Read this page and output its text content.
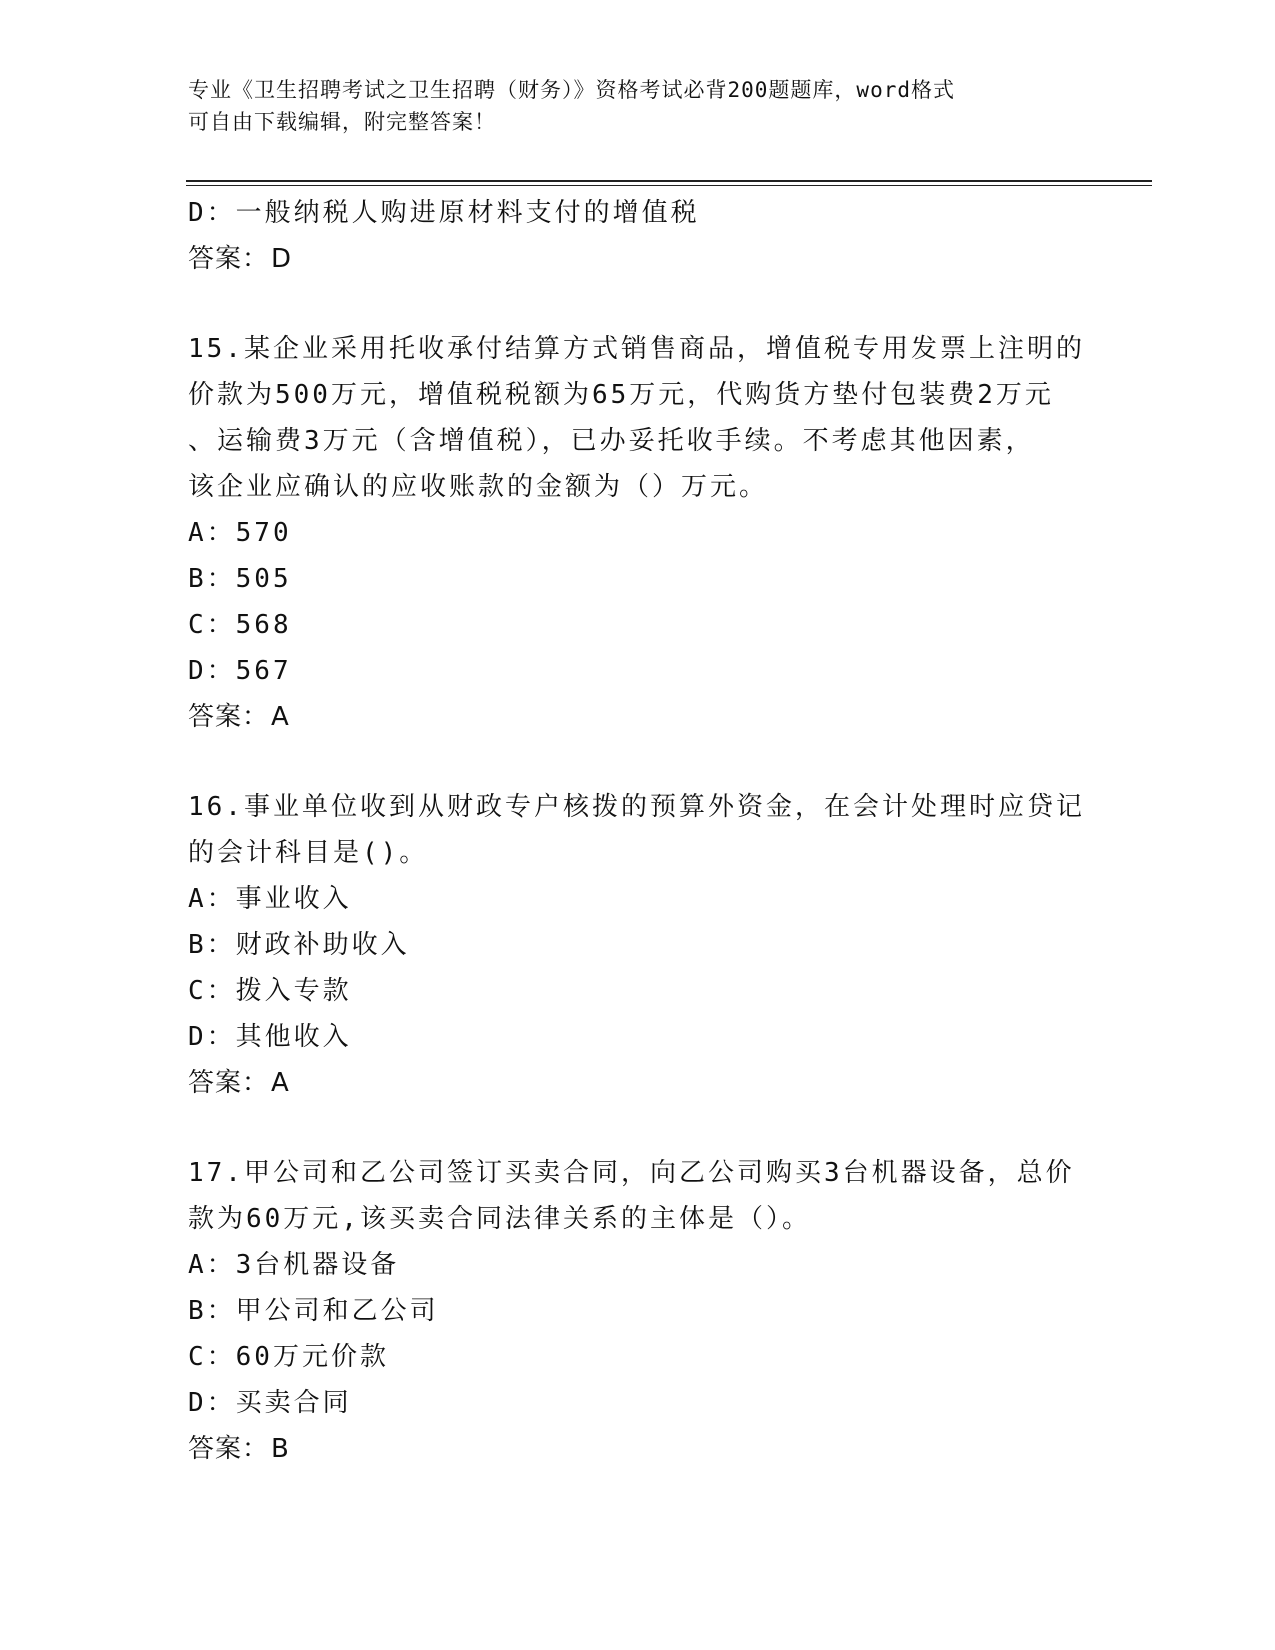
专业《卫生招聘考试之卫生招聘（财务）》资格考试必背200题题库，word格式
可自由下载编辑，附完整答案！
D：一般纳税人购进原材料支付的增值税
答案：D
15.某企业采用托收承付结算方式销售商品，增值税专用发票上注明的
价款为500万元，增值税税额为65万元，代购货方垫付包装费2万元
、运输费3万元（含增值税），已办妥托收手续。不考虑其他因素，
该企业应确认的应收账款的金额为（）万元。
A：570
B：505
C：568
D：567
答案：A
16.事业单位收到从财政专户核拨的预算外资金，在会计处理时应贷记
的会计科目是()。
A：事业收入
B：财政补助收入
C：拨入专款
D：其他收入
答案：A
17.甲公司和乙公司签订买卖合同，向乙公司购买3台机器设备，总价
款为60万元,该买卖合同法律关系的主体是（）。
A：3台机器设备
B：甲公司和乙公司
C：60万元价款
D：买卖合同
答案：B
